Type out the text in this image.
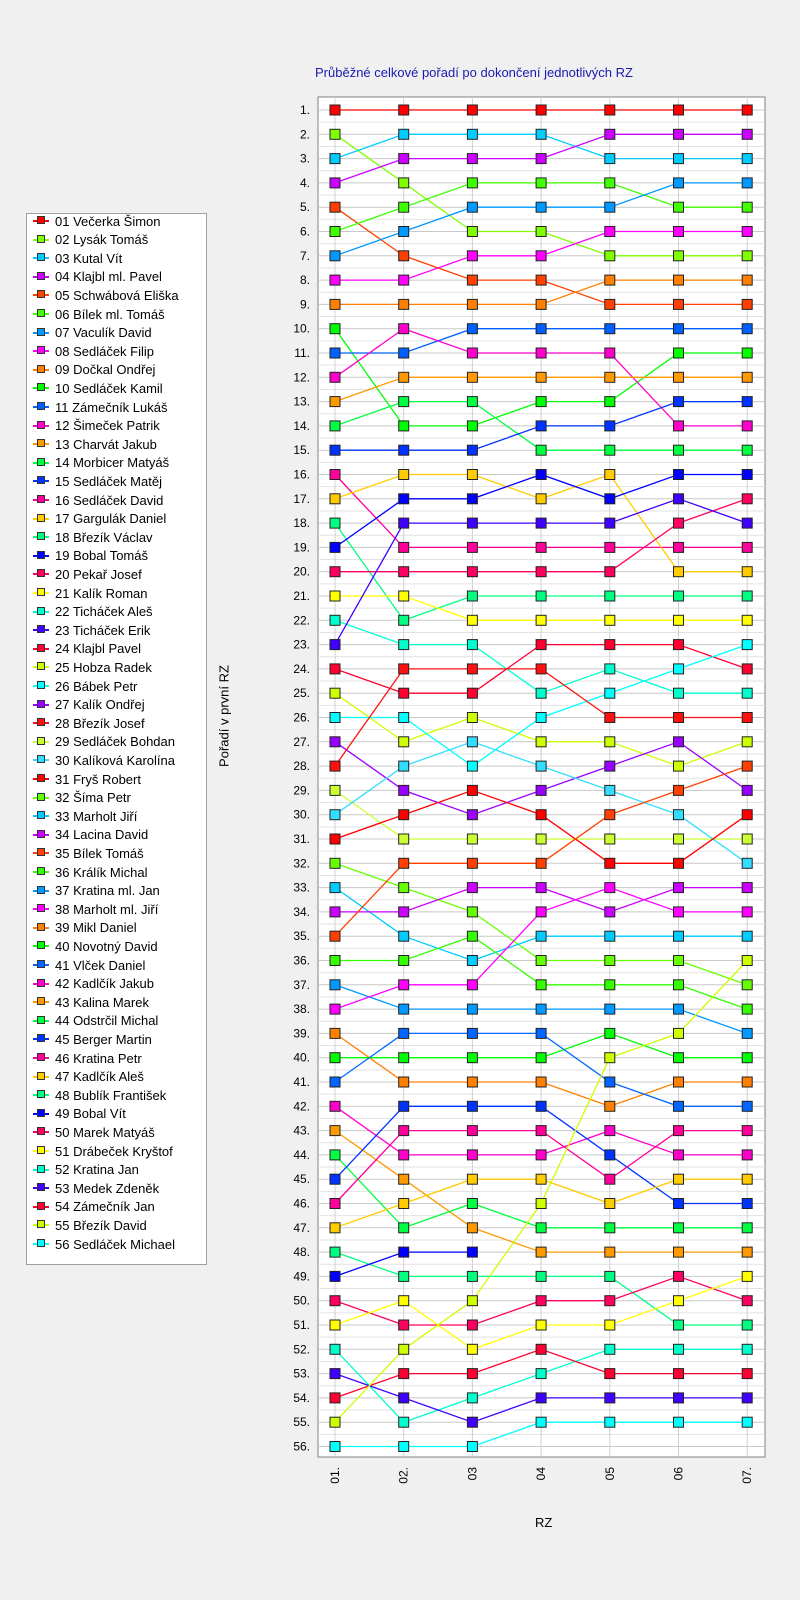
Průběžné celkové pořadí po dokončení jednotlivých RZ
Pořadí v první RZ
RZ
1.
2.
3.
4.
5.
6.
7.
8.
9.
10.
11.
12.
13.
14.
15.
16.
17.
18.
19.
20.
21.
22.
23.
24.
25.
26.
27.
28.
29.
30.
31.
32.
33.
34.
35.
36.
37.
38.
39.
40.
41.
42.
43.
44.
45.
46.
47.
48.
49.
50.
51.
52.
53.
54.
55.
56.
01.	02.	03	04	05	06	07.
01 Večerka Šimon
02 Lysák Tomáš
03 Kutal Vít
04 Klajbl ml. Pavel
05 Schwábová Eliška
06 Bílek ml. Tomáš
07 Vaculík David
08 Sedláček Filip
09 Dočkal Ondřej
10 Sedláček Kamil
11 Zámečník Lukáš
12 Šimeček Patrik
13 Charvát Jakub
14 Morbicer Matyáš
15 Sedláček Matěj
16 Sedláček David
17 Gargulák Daniel
18 Březík Václav
19 Bobal Tomáš
20 Pekař Josef
21 Kalík Roman
22 Ticháček Aleš
23 Ticháček Erik
24 Klajbl Pavel
25 Hobza Radek
26 Bábek Petr
27 Kalík Ondřej
28 Březík Josef
29 Sedláček Bohdan
30 Kalíková Karolína
31 Fryš Robert
32 Šíma Petr
33 Marholt Jiří
34 Lacina David
35 Bílek Tomáš
36 Králík Michal
37 Kratina ml. Jan
38 Marholt ml. Jiří
39 Mikl Daniel
40 Novotný David
41 Vlček Daniel
42 Kadlčík Jakub
43 Kalina Marek
44 Odstrčil Michal
45 Berger Martin
46 Kratina Petr
47 Kadlčík Aleš
48 Bublík František
49 Bobal Vít
50 Marek Matyáš
51 Drábeček Kryštof
52 Kratina Jan
53 Medek Zdeněk
54 Zámečník Jan
55 Březík David
56 Sedláček Michael
